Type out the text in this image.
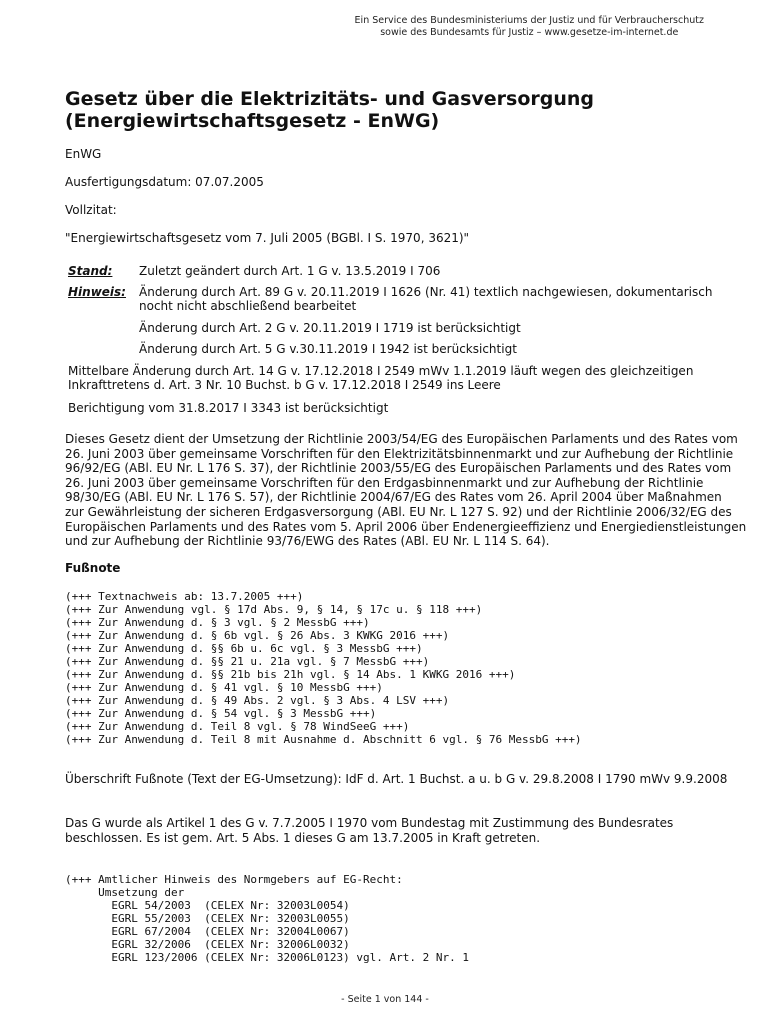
Ein Service des Bundesministeriums der Justiz und für Verbraucherschutz
sowie des Bundesamts für Justiz – www.gesetze-im-internet.de
Gesetz über die Elektrizitäts- und Gasversorgung
(Energiewirtschaftsgesetz - EnWG)
EnWG
Ausfertigungsdatum: 07.07.2005
Vollzitat:
"Energiewirtschaftsgesetz vom 7. Juli 2005 (BGBl. I S. 1970, 3621)"
Stand: Zuletzt geändert durch Art. 1 G v. 13.5.2019 I 706
Hinweis: Änderung durch Art. 89 G v. 20.11.2019 I 1626 (Nr. 41) textlich nachgewiesen, dokumentarisch
nocht nicht abschließend bearbeitet
Änderung durch Art. 2 G v. 20.11.2019 I 1719 ist berücksichtigt
Änderung durch Art. 5 G v.30.11.2019 I 1942 ist berücksichtigt
Mittelbare Änderung durch Art. 14 G v. 17.12.2018 I 2549 mWv 1.1.2019 läuft wegen des gleichzeitigen
Inkrafttretens d. Art. 3 Nr. 10 Buchst. b G v. 17.12.2018 I 2549 ins Leere
Berichtigung vom 31.8.2017 I 3343 ist berücksichtigt
Dieses Gesetz dient der Umsetzung der Richtlinie 2003/54/EG des Europäischen Parlaments und des Rates vom
26. Juni 2003 über gemeinsame Vorschriften für den Elektrizitätsbinnenmarkt und zur Aufhebung der Richtlinie
96/92/EG (ABl. EU Nr. L 176 S. 37), der Richtlinie 2003/55/EG des Europäischen Parlaments und des Rates vom
26. Juni 2003 über gemeinsame Vorschriften für den Erdgasbinnenmarkt und zur Aufhebung der Richtlinie
98/30/EG (ABl. EU Nr. L 176 S. 57), der Richtlinie 2004/67/EG des Rates vom 26. April 2004 über Maßnahmen
zur Gewährleistung der sicheren Erdgasversorgung (ABl. EU Nr. L 127 S. 92) und der Richtlinie 2006/32/EG des
Europäischen Parlaments und des Rates vom 5. April 2006 über Endenergieeffizienz und Energiedienstleistungen
und zur Aufhebung der Richtlinie 93/76/EWG des Rates (ABl. EU Nr. L 114 S. 64).
Fußnote
(+++ Textnachweis ab: 13.7.2005 +++)
(+++ Zur Anwendung vgl. § 17d Abs. 9, § 14, § 17c u. § 118 +++)
(+++ Zur Anwendung d. § 3 vgl. § 2 MessbG +++)
(+++ Zur Anwendung d. § 6b vgl. § 26 Abs. 3 KWKG 2016 +++)
(+++ Zur Anwendung d. §§ 6b u. 6c vgl. § 3 MessbG +++)
(+++ Zur Anwendung d. §§ 21 u. 21a vgl. § 7 MessbG +++)
(+++ Zur Anwendung d. §§ 21b bis 21h vgl. § 14 Abs. 1 KWKG 2016 +++)
(+++ Zur Anwendung d. § 41 vgl. § 10 MessbG +++)
(+++ Zur Anwendung d. § 49 Abs. 2 vgl. § 3 Abs. 4 LSV +++)
(+++ Zur Anwendung d. § 54 vgl. § 3 MessbG +++)
(+++ Zur Anwendung d. Teil 8 vgl. § 78 WindSeeG +++)
(+++ Zur Anwendung d. Teil 8 mit Ausnahme d. Abschnitt 6 vgl. § 76 MessbG +++)
Überschrift Fußnote (Text der EG-Umsetzung): IdF d. Art. 1 Buchst. a u. b G v. 29.8.2008 I 1790 mWv 9.9.2008
Das G wurde als Artikel 1 des G v. 7.7.2005 I 1970 vom Bundestag mit Zustimmung des Bundesrates
beschlossen. Es ist gem. Art. 5 Abs. 1 dieses G am 13.7.2005 in Kraft getreten.
(+++ Amtlicher Hinweis des Normgebers auf EG-Recht:
Umsetzung der
EGRL 54/2003  (CELEX Nr: 32003L0054)
EGRL 55/2003  (CELEX Nr: 32003L0055)
EGRL 67/2004  (CELEX Nr: 32004L0067)
EGRL 32/2006  (CELEX Nr: 32006L0032)
EGRL 123/2006 (CELEX Nr: 32006L0123) vgl. Art. 2 Nr. 1
- Seite 1 von 144 -
